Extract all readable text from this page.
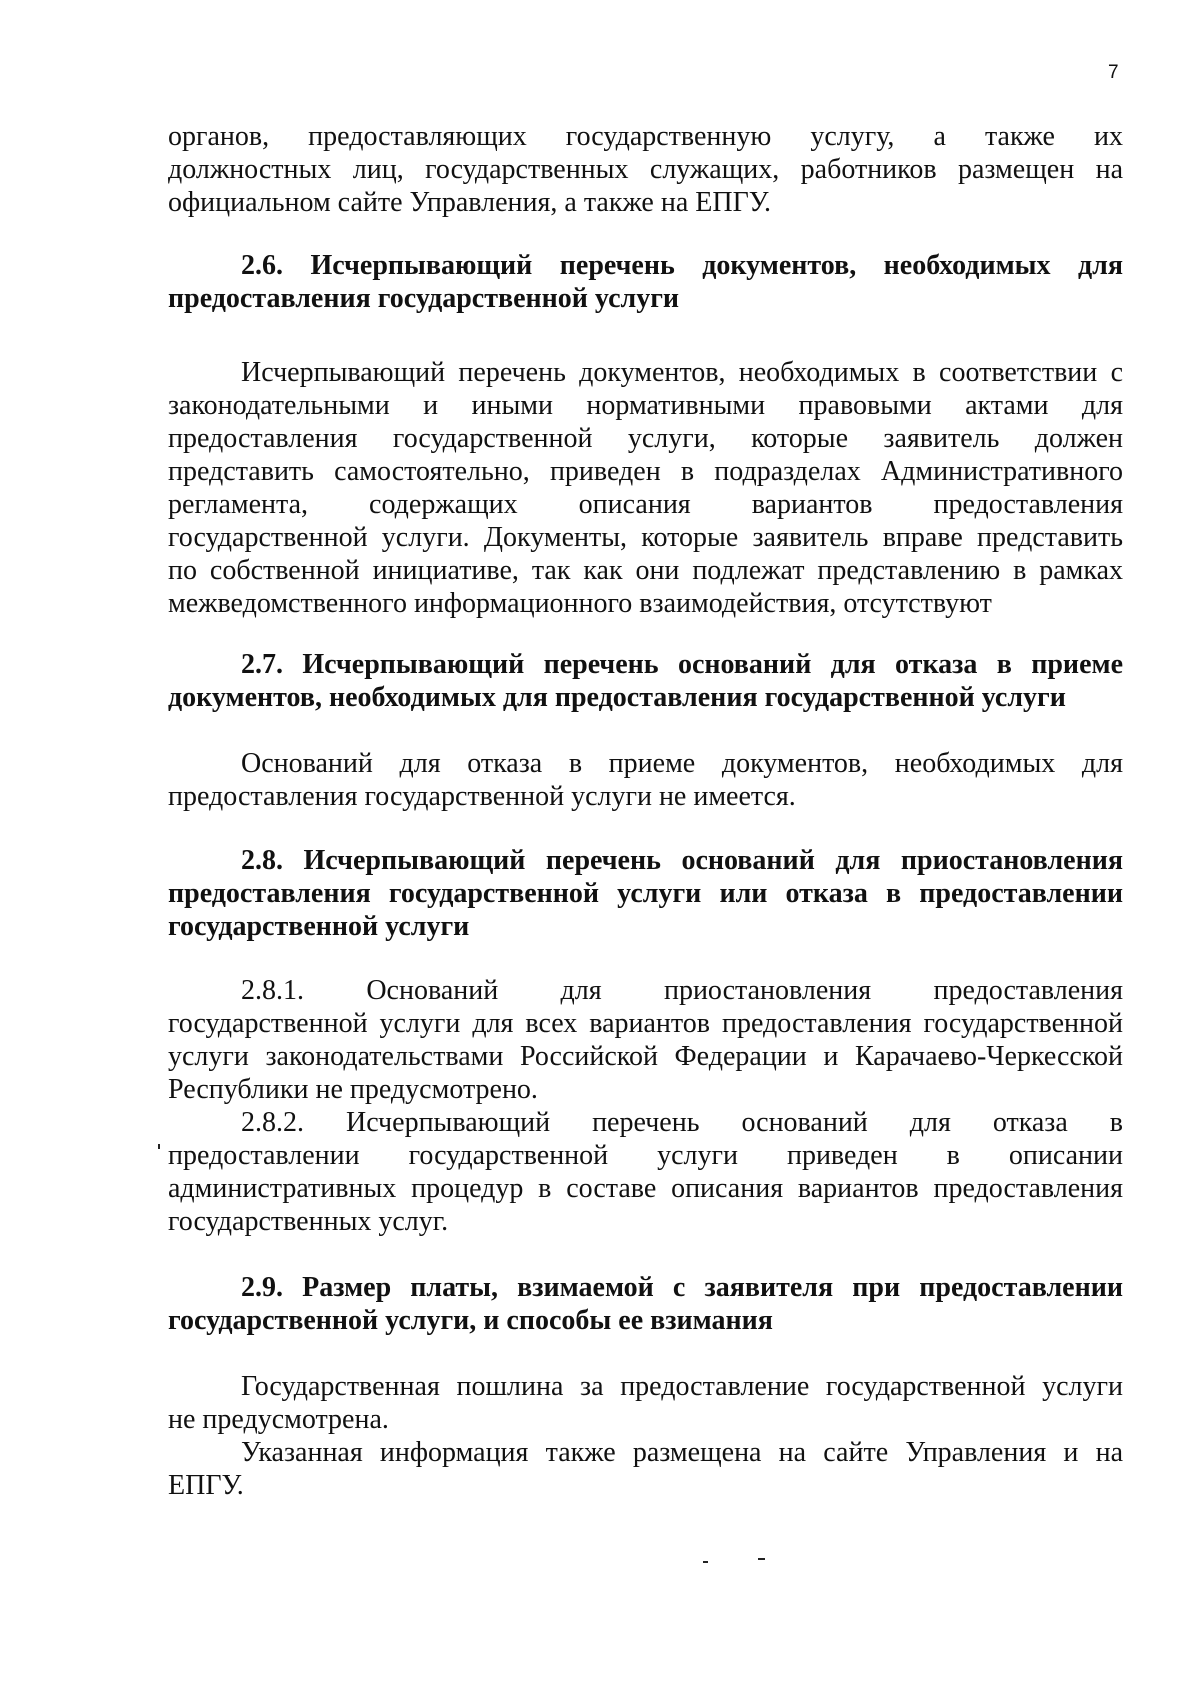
7
органов, предоставляющих государственную услугу, а также их
должностных лиц, государственных служащих, работников размещен на
официальном сайте Управления, а также на ЕПГУ.
2.6. Исчерпывающий перечень документов, необходимых для
предоставления государственной услуги
Исчерпывающий перечень документов, необходимых в соответствии с
законодательными и иными нормативными правовыми актами для
предоставления государственной услуги, которые заявитель должен
представить самостоятельно, приведен в подразделах Административного
регламента, содержащих описания вариантов предоставления
государственной услуги. Документы, которые заявитель вправе представить
по собственной инициативе, так как они подлежат представлению в рамках
межведомственного информационного взаимодействия, отсутствуют
2.7. Исчерпывающий перечень оснований для отказа в приеме
документов, необходимых для предоставления государственной услуги
Оснований для отказа в приеме документов, необходимых для
предоставления государственной услуги не имеется.
2.8. Исчерпывающий перечень оснований для приостановления
предоставления государственной услуги или отказа в предоставлении
государственной услуги
2.8.1. Оснований для приостановления предоставления
государственной услуги для всех вариантов предоставления государственной
услуги законодательствами Российской Федерации и Карачаево-Черкесской
Республики не предусмотрено.
2.8.2. Исчерпывающий перечень оснований для отказа в
предоставлении государственной услуги приведен в описании
административных процедур в составе описания вариантов предоставления
государственных услуг.
2.9. Размер платы, взимаемой с заявителя при предоставлении
государственной услуги, и способы ее взимания
Государственная пошлина за предоставление государственной услуги
не предусмотрена.
Указанная информация также размещена на сайте Управления и на
ЕПГУ.
